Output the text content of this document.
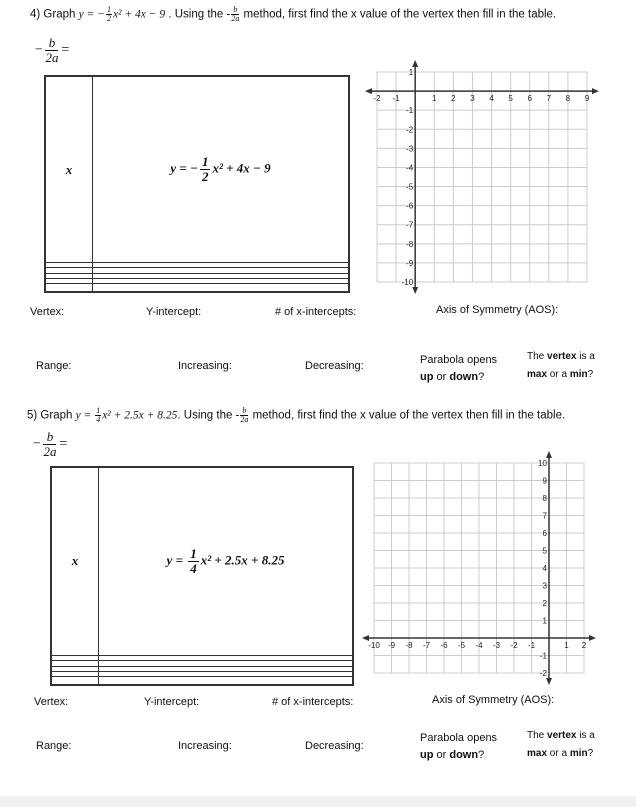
4) Graph y = − $\frac{1}{2} x^2 + 4x - 9$ . Using the - $\frac{b}{2a}$ method, first find the x value of the vertex then fill in the table.
− $\frac{b}{2a}$ =
x	y = − $\frac{1}{2} x^2 + 4x - 9$

-2 -1	1 2 3 4 5 6 7 8 9
-10
-9
-8
-7
-6
-5
-4
-3
-2
-1
1
Vertex:	Y-intercept:	# of x-intercepts:	Axis of Symmetry (AOS):
Range:	Increasing:	Decreasing:	Parabola opens
up or down?
The vertex is a
max or a min?
5) Graph $y = \frac{1}{4} x^2 + 2.5x + 8.25$. Using the - $\frac{b}{2a}$ method, first find the x value of the vertex then fill in the table.
− $\frac{b}{2a}$ =
x	$y = \frac{1}{4} x^2 + 2.5x + 8.25$

-10 -9 -8 -7 -6 -5 -4 -3 -2 -1	1 2
-2
-1
1
2
3
4
5
6
7
8
9
10
Vertex:	Y-intercept:	# of x-intercepts:	Axis of Symmetry (AOS):
Range:	Increasing:	Decreasing:
Parabola opens
up or down?
The vertex is a
max or a min?
